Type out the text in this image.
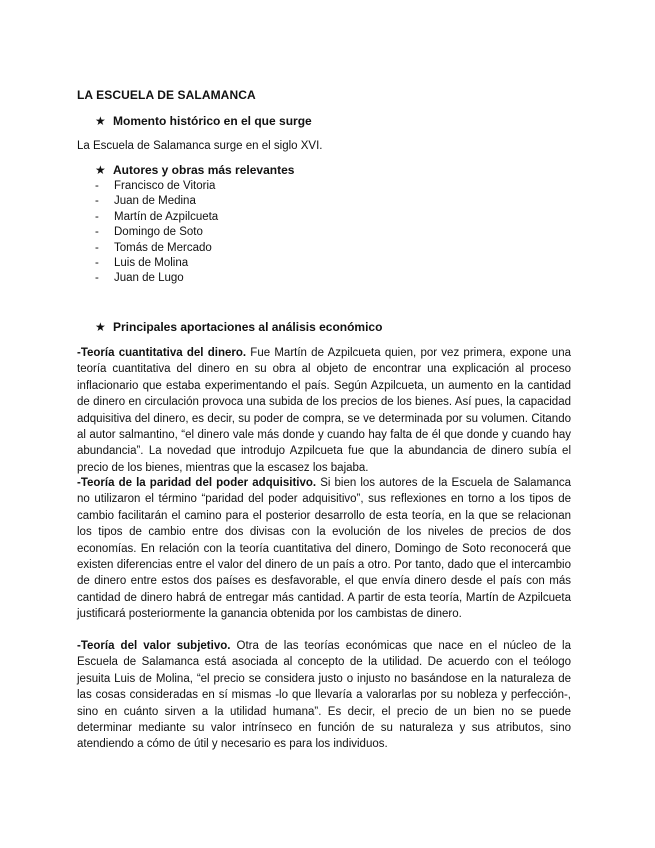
LA ESCUELA DE SALAMANCA
★ Momento histórico en el que surge

La Escuela de Salamanca surge en el siglo XVI.

★ Autores y obras más relevantes
- Francisco de Vitoria
- Juan de Medina
- Martín de Azpilcueta
- Domingo de Soto
- Tomás de Mercado
- Luis de Molina
- Juan de Lugo
★ Principales aportaciones al análisis económico

-Teoría cuantitativa del dinero. Fue Martín de Azpilcueta quien, por vez primera, expone una teoría cuantitativa del dinero en su obra al objeto de encontrar una explicación al proceso inflacionario que estaba experimentando el país. Según Azpilcueta, un aumento en la cantidad de dinero en circulación provoca una subida de los precios de los bienes. Así pues, la capacidad adquisitiva del dinero, es decir, su poder de compra, se ve determinada por su volumen. Citando al autor salmantino, “el dinero vale más donde y cuando hay falta de él que donde y cuando hay abundancia”. La novedad que introdujo Azpilcueta fue que la abundancia de dinero subía el precio de los bienes, mientras que la escasez los bajaba.

-Teoría de la paridad del poder adquisitivo. Si bien los autores de la Escuela de Salamanca no utilizaron el término “paridad del poder adquisitivo”, sus reflexiones en torno a los tipos de cambio facilitarán el camino para el posterior desarrollo de esta teoría, en la que se relacionan los tipos de cambio entre dos divisas con la evolución de los niveles de precios de dos economías. En relación con la teoría cuantitativa del dinero, Domingo de Soto reconocerá que existen diferencias entre el valor del dinero de un país a otro. Por tanto, dado que el intercambio de dinero entre estos dos países es desfavorable, el que envía dinero desde el país con más cantidad de dinero habrá de entregar más cantidad. A partir de esta teoría, Martín de Azpilcueta justificará posteriormente la ganancia obtenida por los cambistas de dinero.

-Teoría del valor subjetivo. Otra de las teorías económicas que nace en el núcleo de la Escuela de Salamanca está asociada al concepto de la utilidad. De acuerdo con el teólogo jesuita Luis de Molina, “el precio se considera justo o injusto no basándose en la naturaleza de las cosas consideradas en sí mismas -lo que llevaría a valorarlas por su nobleza y perfección-, sino en cuánto sirven a la utilidad humana”. Es decir, el precio de un bien no se puede determinar mediante su valor intrínseco en función de su naturaleza y sus atributos, sino atendiendo a cómo de útil y necesario es para los individuos.
